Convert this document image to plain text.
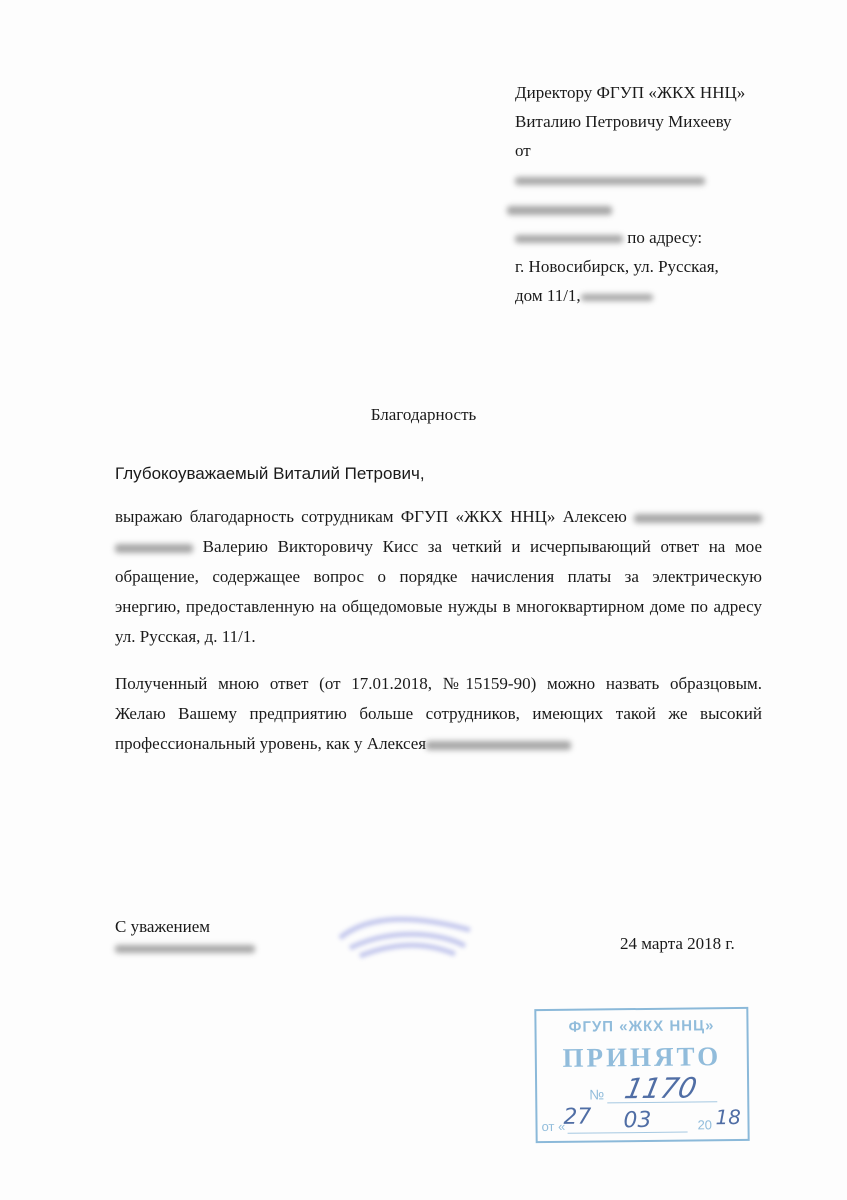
Директору ФГУП «ЖКХ ННЦ»
Виталию Петровичу Михееву
от
по адресу:
г. Новосибирск, ул. Русская,
дом 11/1,
Благодарность
Глубокоуважаемый Виталий Петрович,
выражаю благодарность сотрудникам ФГУП «ЖКХ ННЦ» Алексею
Валерию Викторовичу Кисс за четкий и исчерпывающий ответ на мое
обращение, содержащее вопрос о порядке начисления платы за электрическую
энергию, предоставленную на общедомовые нужды в многоквартирном доме по адресу
ул. Русская, д. 11/1.
Полученный мною ответ (от 17.01.2018, №15159-90) можно назвать образцовым.
Желаю Вашему предприятию больше сотрудников, имеющих такой же высокий
профессиональный уровень, как у Алексея
С уважением
24 марта 2018 г.
ФГУП «ЖКХ ННЦ»
ПРИНЯТО
№ 1170
от «
27 03	20 18
